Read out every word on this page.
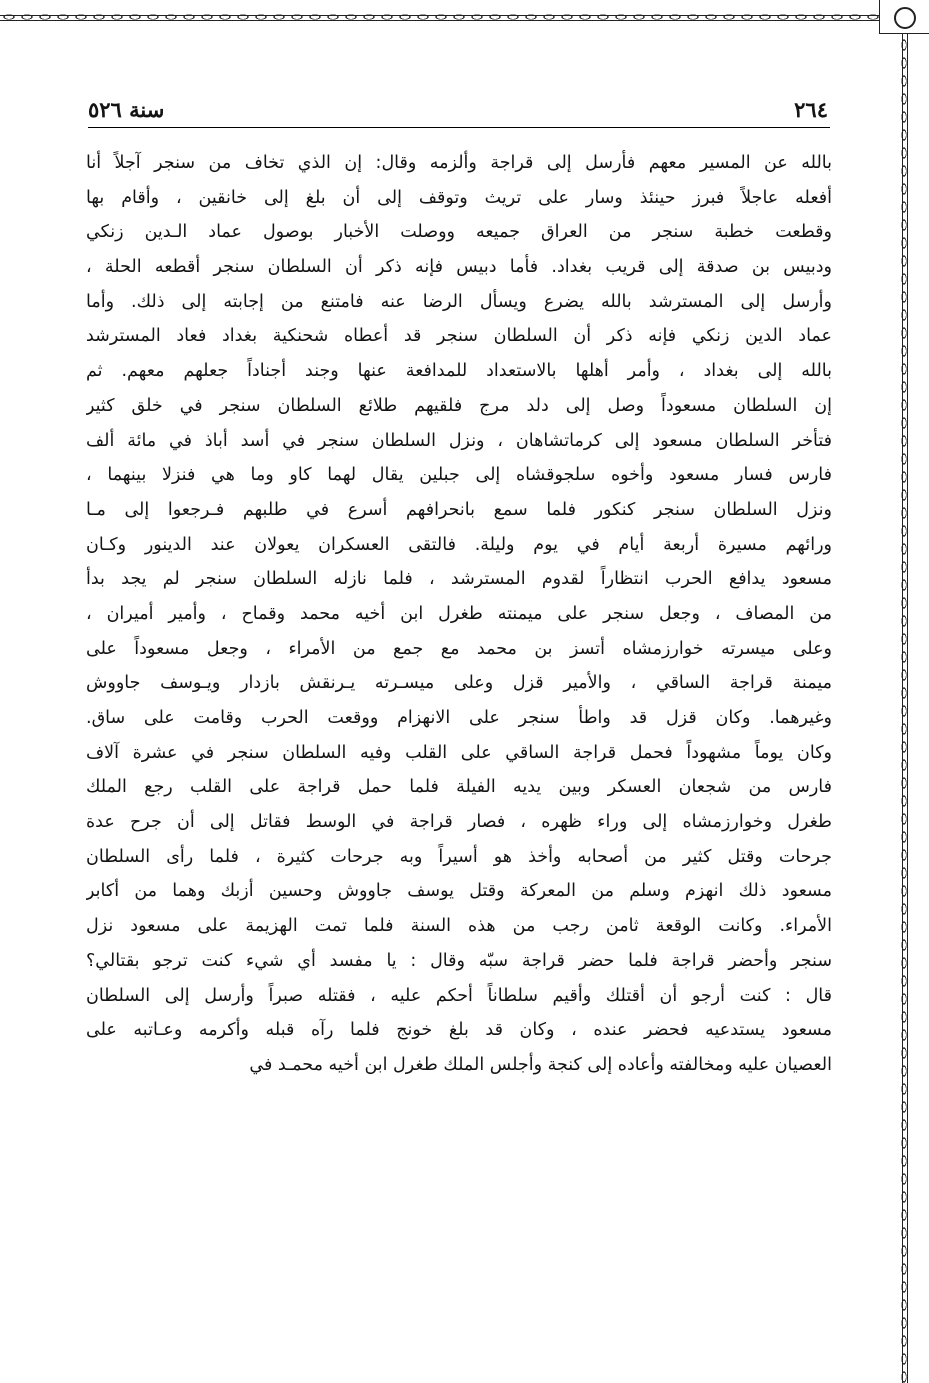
٢٦٤
سنة ٥٢٦
بالله عن المسير معهم فأرسل إلى قراجة وألزمه وقال: إن الذي تخاف من سنجر آجلاً أنا
أفعله عاجلاً فبرز حينئذ وسار على تريث وتوقف إلى أن بلغ إلى خانقين ، وأقام بها
وقطعت خطبة سنجر من العراق جميعه ووصلت الأخبار بوصول عماد الـدين زنكي
ودبيس بن صدقة إلى قريب بغداد. فأما دبيس فإنه ذكر أن السلطان سنجر أقطعه الحلة ،
وأرسل إلى المسترشد بالله يضرع ويسأل الرضا عنه فامتنع من إجابته إلى ذلك. وأما
عماد الدين زنكي فإنه ذكر أن السلطان سنجر قد أعطاه شحنكية بغداد فعاد المسترشد
بالله إلى بغداد ، وأمر أهلها بالاستعداد للمدافعة عنها وجند أجناداً جعلهم معهم. ثم
إن السلطان مسعوداً وصل إلى دلد مرج فلقيهم طلائع السلطان سنجر في خلق كثير
فتأخر السلطان مسعود إلى كرماتشاهان ، ونزل السلطان سنجر في أسد أباذ في مائة ألف
فارس فسار مسعود وأخوه سلجوقشاه إلى جبلين يقال لهما كاو وما هي فنزلا بينهما ،
ونزل السلطان سنجر كنكور فلما سمع بانحرافهم أسرع في طلبهم فـرجعوا إلى مـا
ورائهم مسيرة أربعة أيام في يوم وليلة. فالتقى العسكران يعولان عند الدينور وكـان
مسعود يدافع الحرب انتظاراً لقدوم المسترشد ، فلما نازله السلطان سنجر لم يجد بدأ
من المصاف ، وجعل سنجر على ميمنته طغرل ابن أخيه محمد وقماح ، وأمير أميران ،
وعلى ميسرته خوارزمشاه أتسز بن محمد مع جمع من الأمراء ، وجعل مسعوداً على
ميمنة قراجة الساقي ، والأمير قزل وعلى ميسـرته يـرنقش بازدار ويـوسف جاووش
وغيرهما. وكان قزل قد واطأ سنجر على الانهزام ووقعت الحرب وقامت على ساق.
وكان يوماً مشهوداً فحمل قراجة الساقي على القلب وفيه السلطان سنجر في عشرة آلاف
فارس من شجعان العسكر وبين يديه الفيلة فلما حمل قراجة على القلب رجع الملك
طغرل وخوارزمشاه إلى وراء ظهره ، فصار قراجة في الوسط فقاتل إلى أن جرح عدة
جرحات وقتل كثير من أصحابه وأخذ هو أسيراً وبه جرحات كثيرة ، فلما رأى السلطان
مسعود ذلك انهزم وسلم من المعركة وقتل يوسف جاووش وحسين أزبك وهما من أكابر
الأمراء. وكانت الوقعة ثامن رجب من هذه السنة فلما تمت الهزيمة على مسعود نزل
سنجر وأحضر قراجة فلما حضر قراجة سبّه وقال : يا مفسد أي شيء كنت ترجو بقتالي؟
قال : كنت أرجو أن أقتلك وأقيم سلطاناً أحكم عليه ، فقتله صبراً وأرسل إلى السلطان
مسعود يستدعيه فحضر عنده ، وكان قد بلغ خونج فلما رآه قبله وأكرمه وعـاتبه على
العصيان عليه ومخالفته وأعاده إلى كنجة وأجلس الملك طغرل ابن أخيه محمـد في
